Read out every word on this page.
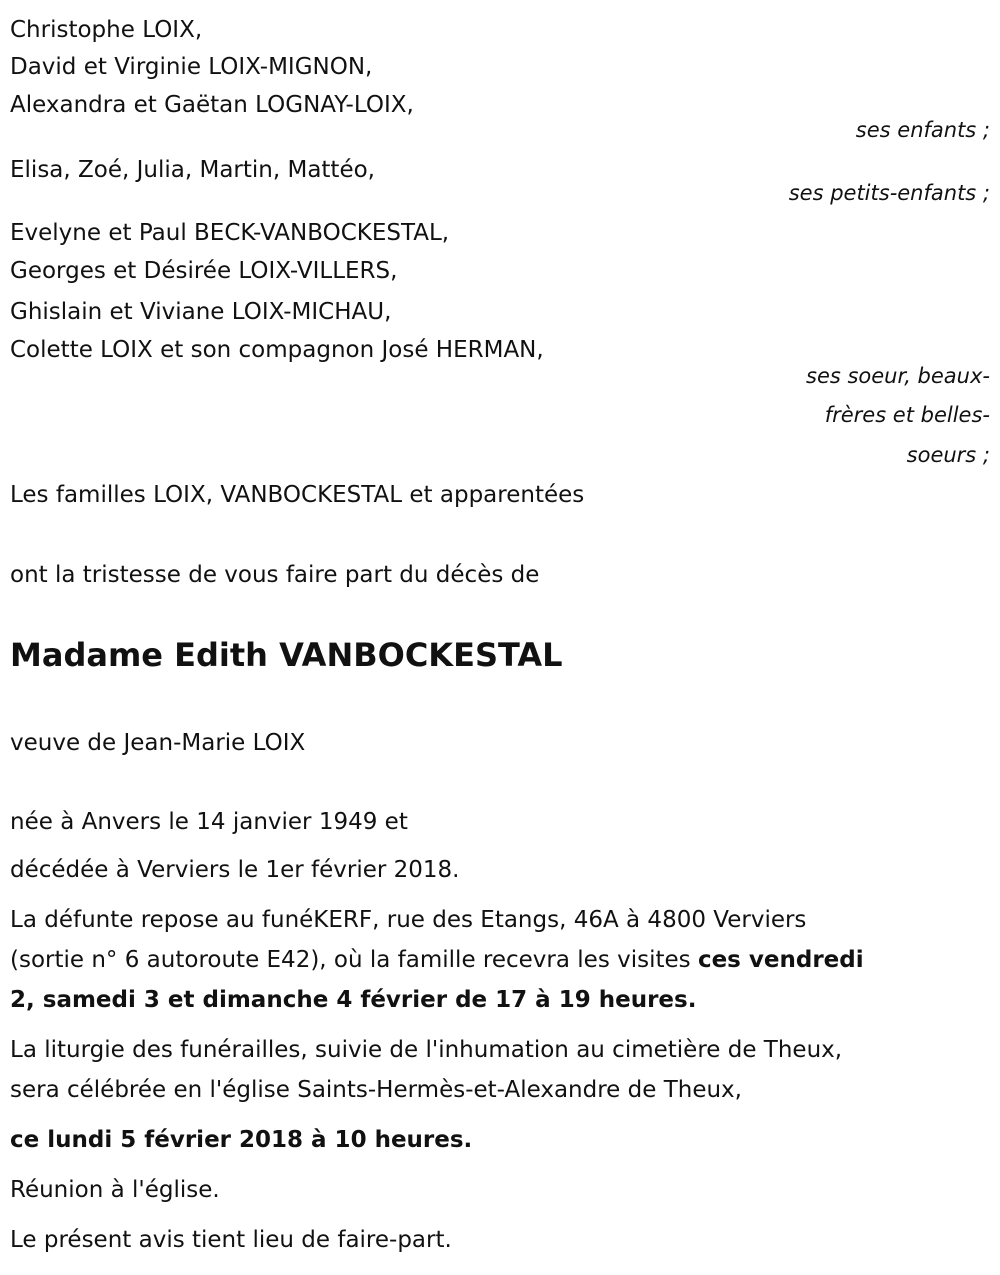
Christophe LOIX,
David et Virginie LOIX-MIGNON,
Alexandra et Gaëtan LOGNAY-LOIX,
ses enfants ;
Elisa, Zoé, Julia, Martin, Mattéo,
ses petits-enfants ;
Evelyne et Paul BECK-VANBOCKESTAL,
Georges et Désirée LOIX-VILLERS,
Ghislain et Viviane LOIX-MICHAU,
Colette LOIX et son compagnon José HERMAN,
ses soeur, beaux-
frères et belles-
soeurs ;
Les familles LOIX, VANBOCKESTAL et apparentées
ont la tristesse de vous faire part du décès de
Madame Edith VANBOCKESTAL
veuve de Jean-Marie LOIX
née à Anvers le 14 janvier 1949 et
décédée à Verviers le 1er février 2018.
La défunte repose au funéKERF, rue des Etangs, 46A à 4800 Verviers
(sortie n° 6 autoroute E42), où la famille recevra les visites ces vendredi
2, samedi 3 et dimanche 4 février de 17 à 19 heures.
La liturgie des funérailles, suivie de l'inhumation au cimetière de Theux,
sera célébrée en l'église Saints-Hermès-et-Alexandre de Theux,
ce lundi 5 février 2018 à 10 heures.
Réunion à l'église.
Le présent avis tient lieu de faire-part.
